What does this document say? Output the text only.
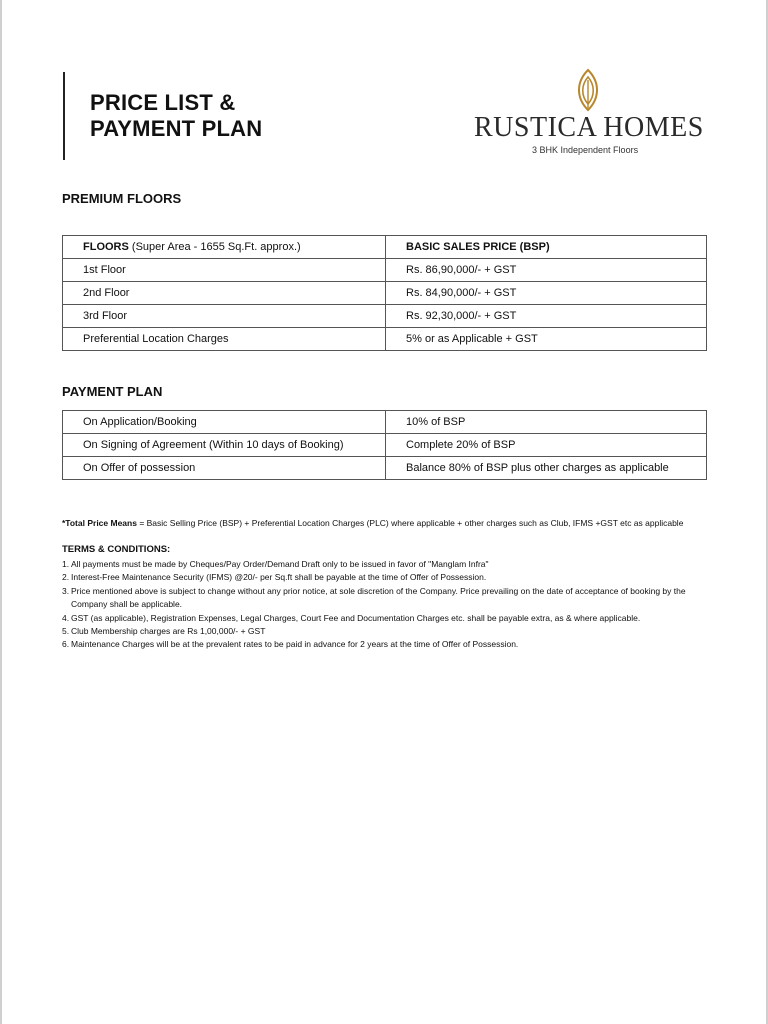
PRICE LIST &
PAYMENT PLAN	RUSTICA HOMES
3 BHK Independent Floors
PREMIUM FLOORS
FLOORS (Super Area - 1655 Sq.Ft. approx.)	BASIC SALES PRICE (BSP)
1st Floor	Rs. 86,90,000/- + GST
2nd Floor	Rs. 84,90,000/- + GST
3rd Floor	Rs. 92,30,000/- + GST
Preferential Location Charges	5% or as Applicable + GST
PAYMENT PLAN
On Application/Booking	10% of BSP
On Signing of Agreement (Within 10 days of Booking)	Complete 20% of BSP
On Offer of possession	Balance 80% of BSP plus other charges as applicable
*Total Price Means = Basic Selling Price (BSP) + Preferential Location Charges (PLC) where applicable + other charges such as Club, IFMS +GST etc as applicable
TERMS & CONDITIONS:
1. All payments must be made by Cheques/Pay Order/Demand Draft only to be issued in favor of "Manglam Infra"
2. Interest-Free Maintenance Security (IFMS) @20/- per Sq.ft shall be payable at the time of Offer of Possession.
3. Price mentioned above is subject to change without any prior notice, at sole discretion of the Company. Price prevailing on the date of acceptance of booking by the Company shall be applicable.
4. GST (as applicable), Registration Expenses, Legal Charges, Court Fee and Documentation Charges etc. shall be payable extra, as & where applicable.
5. Club Membership charges are Rs 1,00,000/- + GST
6. Maintenance Charges will be at the prevalent rates to be paid in advance for 2 years at the time of Offer of Possession.
